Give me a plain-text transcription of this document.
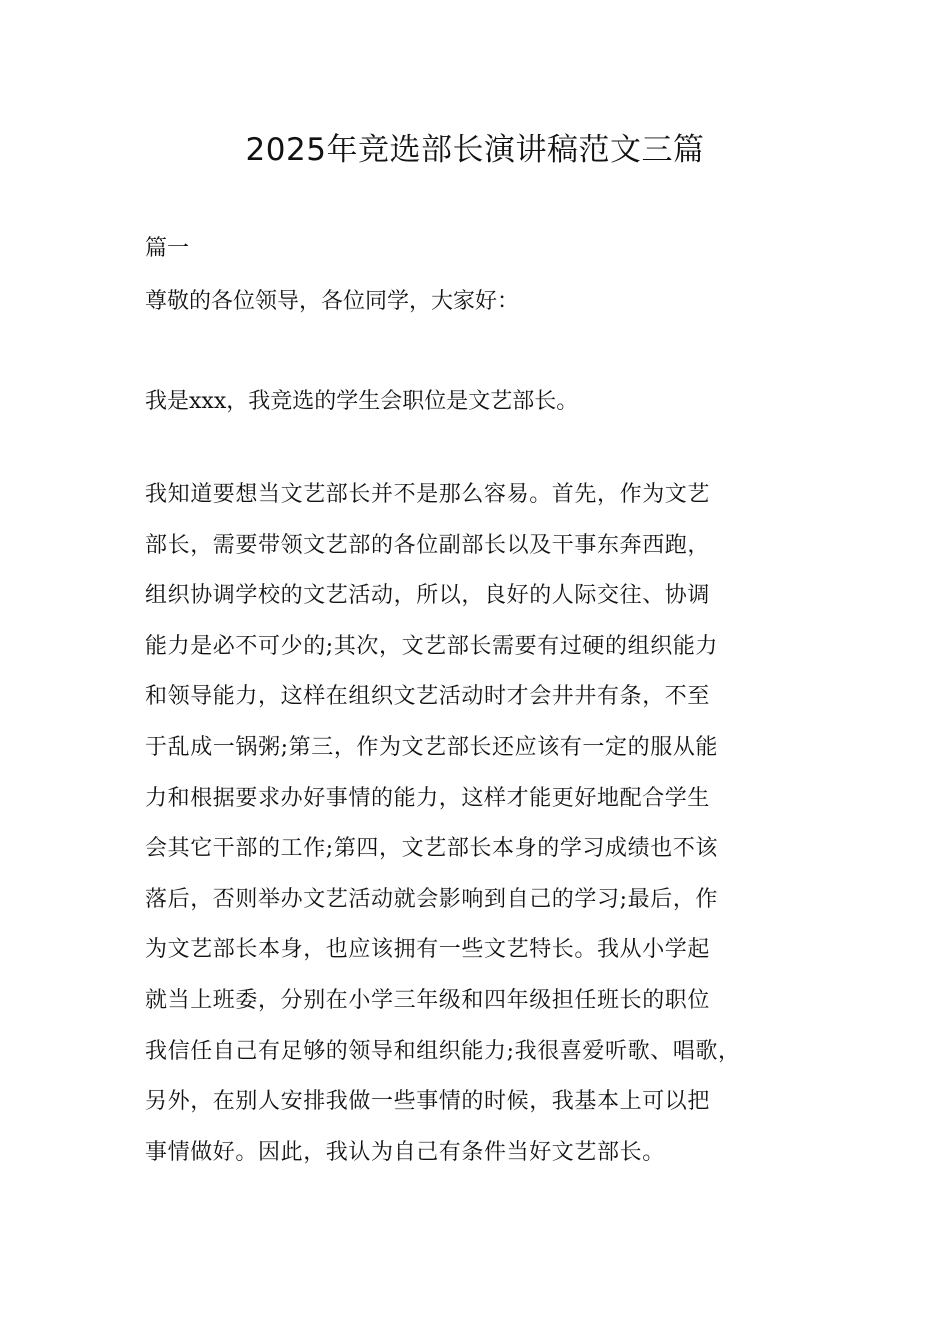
2025年竞选部长演讲稿范文三篇

篇一

尊敬的各位领导，各位同学，大家好：

我是xxx，我竞选的学生会职位是文艺部长。

我知道要想当文艺部长并不是那么容易。首先，作为文艺
部长，需要带领文艺部的各位副部长以及干事东奔西跑，
组织协调学校的文艺活动，所以，良好的人际交往、协调
能力是必不可少的;其次，文艺部长需要有过硬的组织能力
和领导能力，这样在组织文艺活动时才会井井有条，不至
于乱成一锅粥;第三，作为文艺部长还应该有一定的服从能
力和根据要求办好事情的能力，这样才能更好地配合学生
会其它干部的工作;第四，文艺部长本身的学习成绩也不该
落后，否则举办文艺活动就会影响到自己的学习;最后，作
为文艺部长本身，也应该拥有一些文艺特长。我从小学起
就当上班委，分别在小学三年级和四年级担任班长的职位
我信任自己有足够的领导和组织能力;我很喜爱听歌、唱歌，
另外，在别人安排我做一些事情的时候，我基本上可以把
事情做好。因此，我认为自己有条件当好文艺部长。
